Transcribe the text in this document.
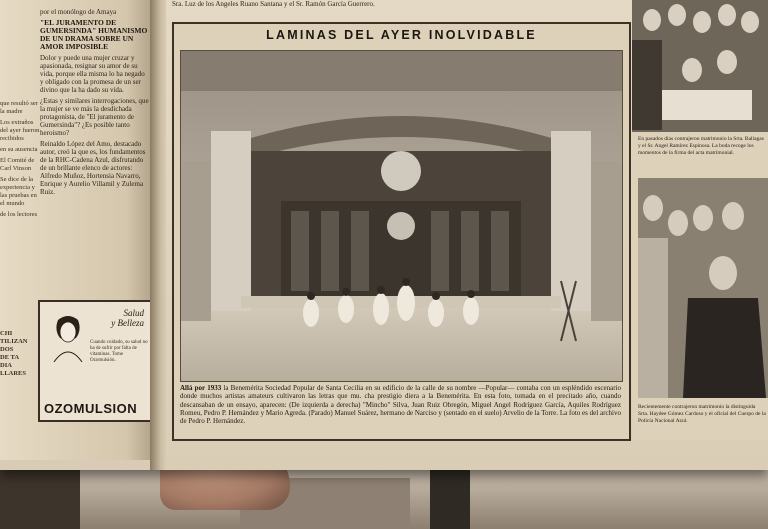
por el monólogo de Amaya

"EL JURAMENTO DE GUMERSINDA" HUMANISMO DE UN DRAMA SOBRE UN AMOR IMPOSIBLE

Dolor y puede una mujer cruzar y apasionada, resignar su amor de su vida, porque ella misma lo ha negado y obligado con la promesa de un ser divino que la ha dado su vida.

¿Estas y similares interrogaciones, que la mujer se ve más la desdichada protagonista, de "El juramento de Gumersinda"? ¿Es posible tanto heroismo?

Reinaldo López del Amo, destacado autor, creó la que es, los fundamentos de la RHC-Cadena Azul, disfrutando de un brillante elenco de actores: Alfredo Muñoz, Hortensia Navarro, Enrique y Aurelio Villamil y Zulema Ruiz.

que resultó ser la madre

Los extraños del ayer fueron recibidos

en su ausencia

El Comité de Carl Vinson

Se dice de la experiencia y las pruebas en el mundo

de los lectores

CHI
TILIZAN
DOS
DE TA
DIA
LLARES
Salud
y Belleza
Cuando cuidado, su salud no ha de sufrir por falta de vitaminas. Tome Ozomulsión.
OZOMULSION
Sra. Luz de los Angeles Ruano Santana y el Sr. Ramón García Guerrero.
LAMINAS DEL AYER INOLVIDABLE
Allá por 1933 la Benemérita Sociedad Popular de Santa Cecilia en su edificio de la calle de su nombre —Popular— contaba con un espléndido escenario donde muchos artistas amateurs cultivaron las letras que mu. cha prestigio diera a la Benemérita. En esta foto, tomada en el precitado año, cuando descansaban de un ensayo, aparecen: (De izquierda a derecha) "Mincho" Silva, Juan Ruiz Obregón, Miguel Angel Rodríguez García, Aquiles Rodríguez Romeu, Pedro P. Hernández y Mario Agreda. (Parado) Manuel Suárez, hermano de Narciso y (sentado en el suelo) Arvelio de la Torre. La foto es del archivo de Pedro P. Hernández.
En pasados días contrajeron matrimonio la Srta. Ballagas y el Sr. Angel Ramírez Espinosa. La boda recoge los momentos de la firma del acta matrimonial.
Recientemente contrajeron matrimonio la distinguida Srta. Haydee Gómez Cardoso y el oficial del Cuerpo de la Policía Nacional Azul.
